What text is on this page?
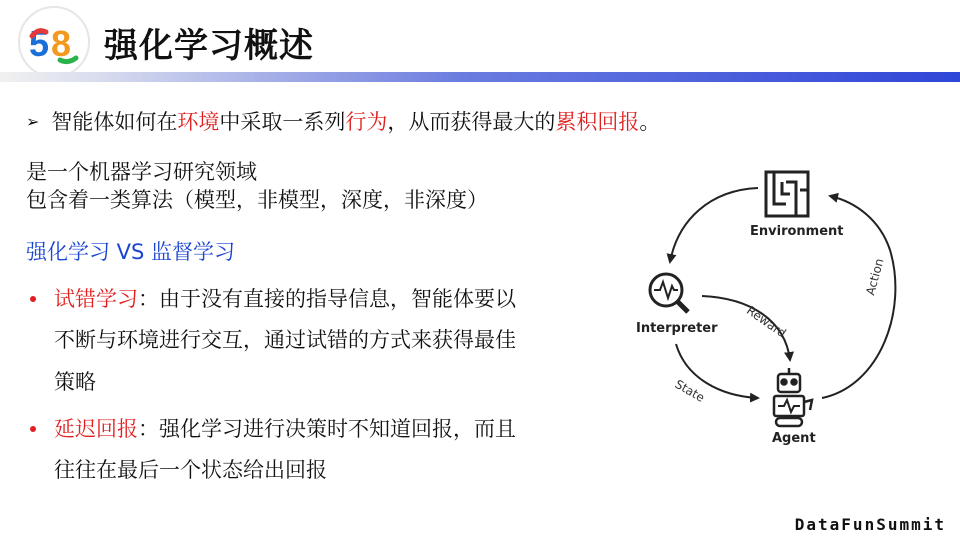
5 8 强化学习概述
➢ 智能体如何在环境中采取一系列行为，从而获得最大的累积回报。
是一个机器学习研究领域
包含着一类算法（模型，非模型，深度，非深度）
强化学习 VS 监督学习
试错学习：由于没有直接的指导信息，智能体要以
不断与环境进行交互，通过试错的方式来获得最佳
策略
延迟回报：强化学习进行决策时不知道回报，而且
往往在最后一个状态给出回报
Environment
Interpreter
Agent
Reward
State
Action
DataFunSummit
